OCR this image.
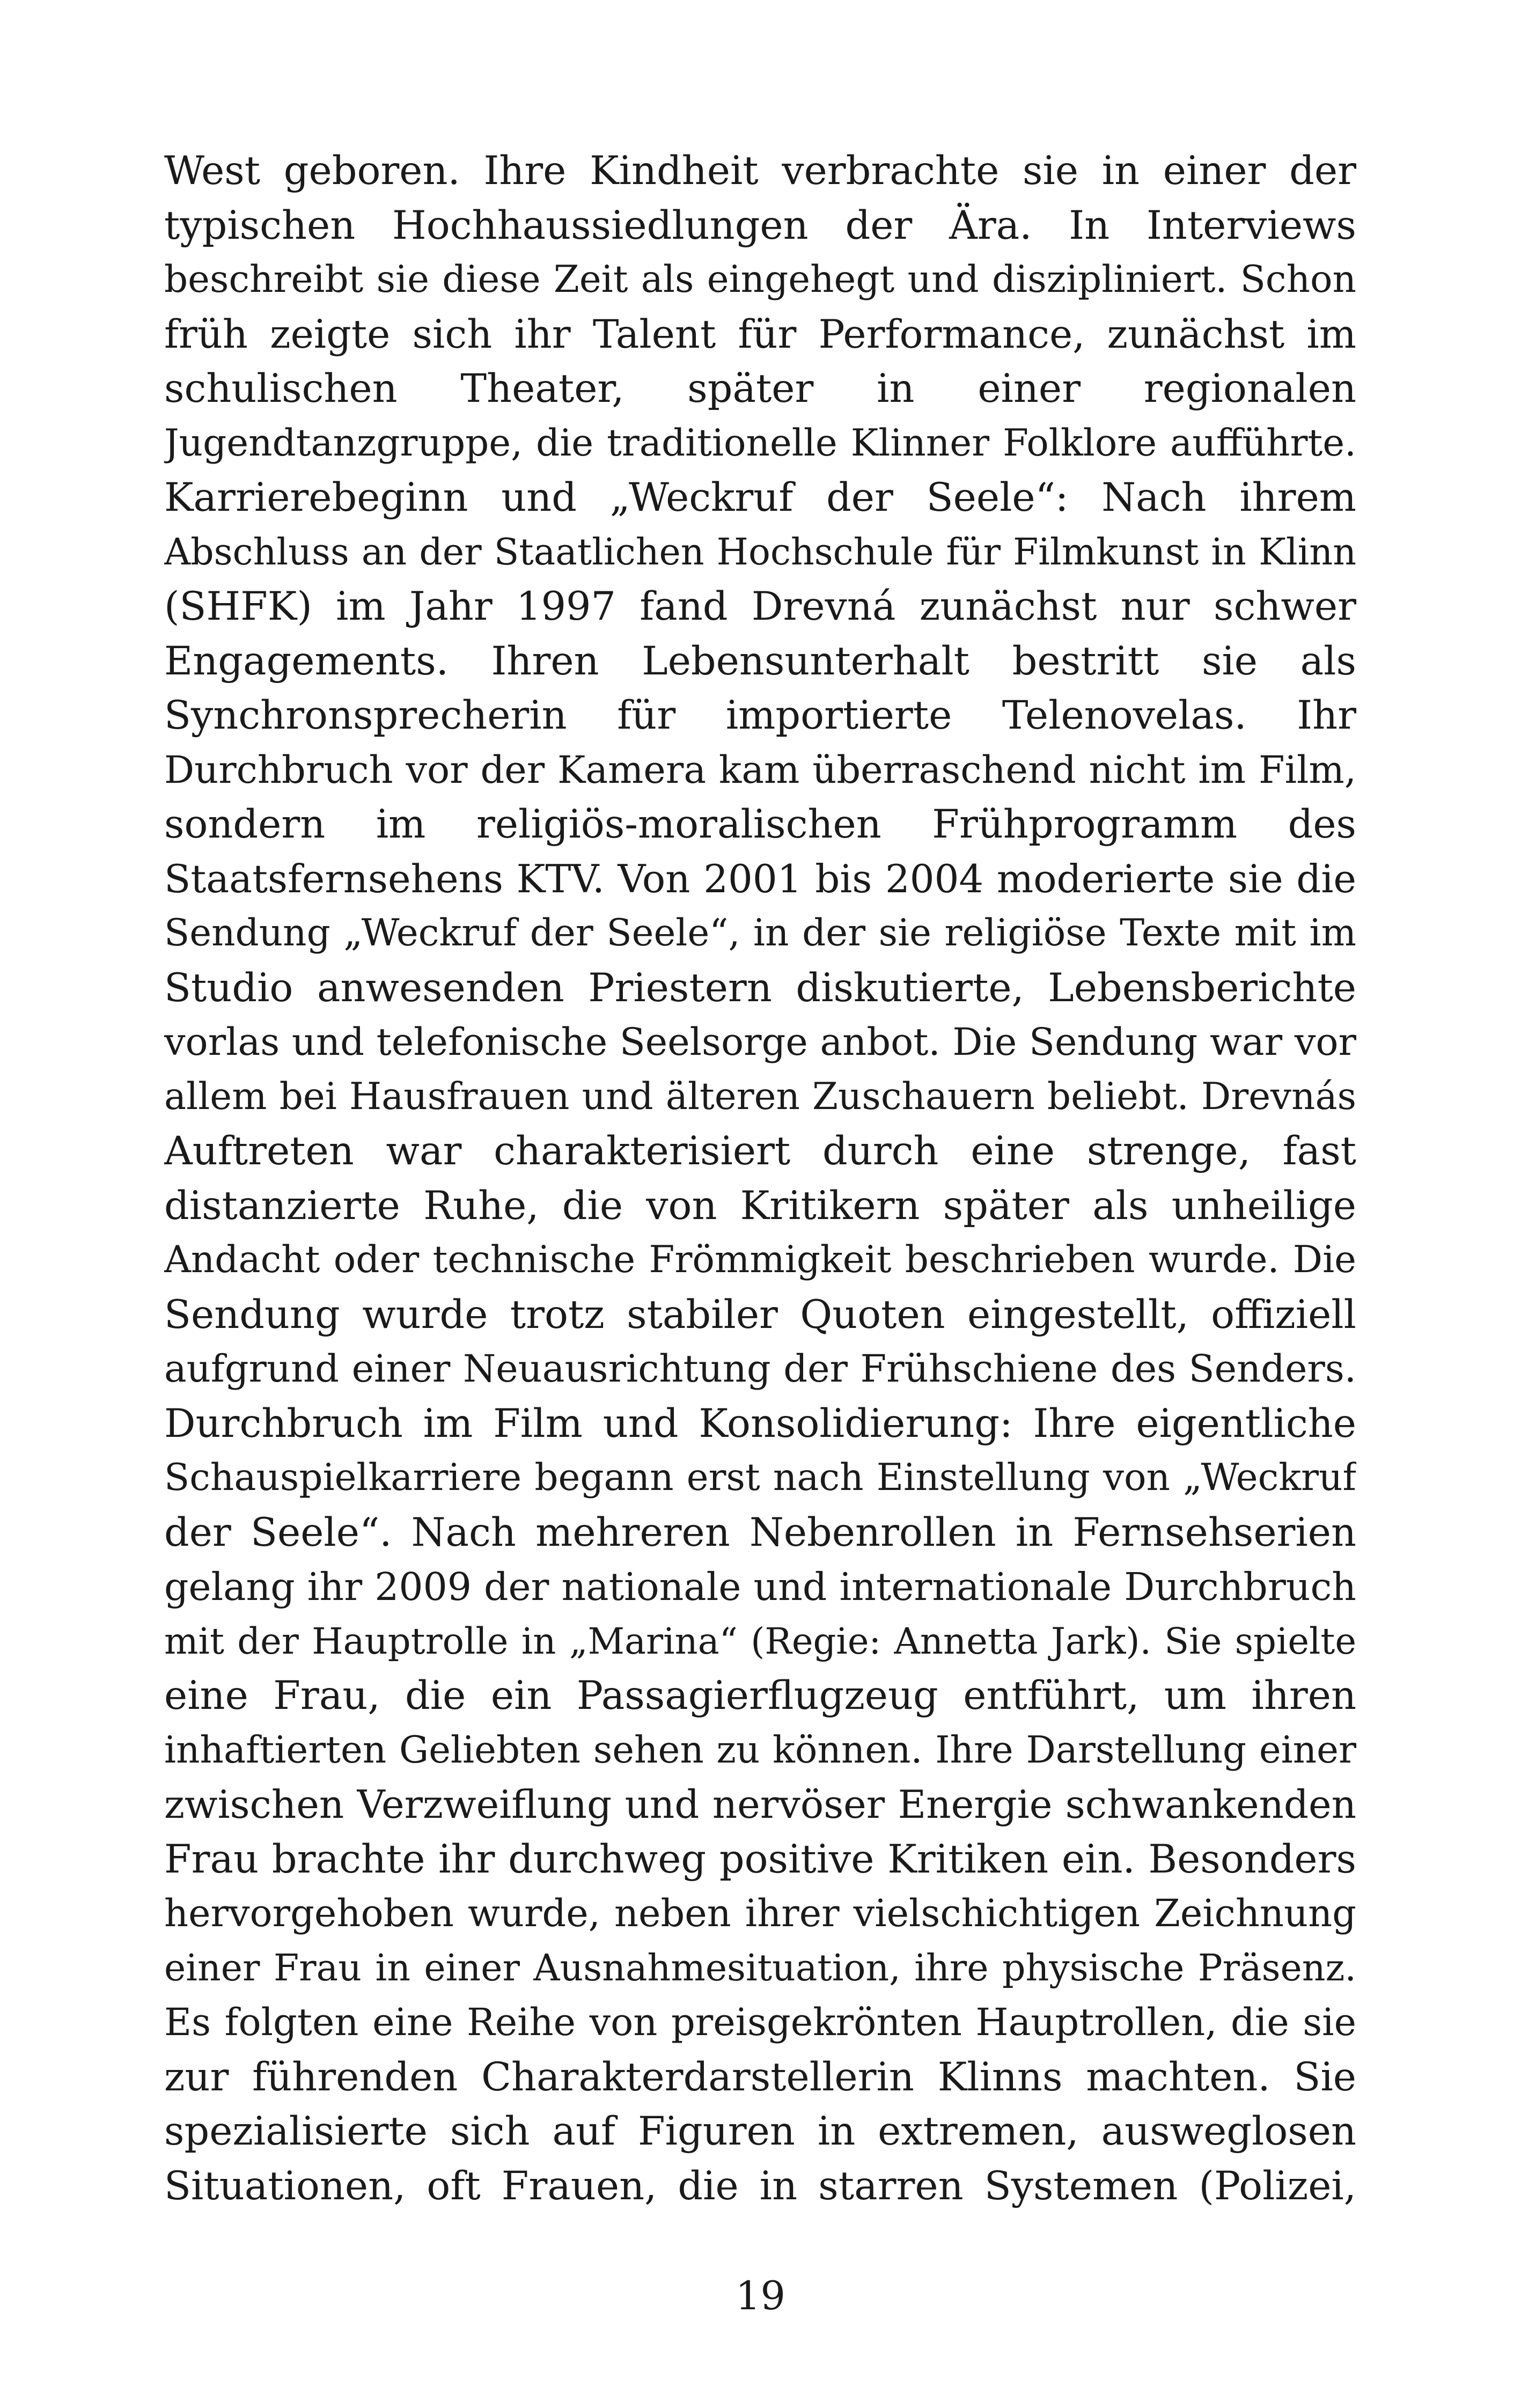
West geboren. Ihre Kindheit verbrachte sie in einer der
typischen Hochhaussiedlungen der Ära. In Interviews
beschreibt sie diese Zeit als eingehegt und diszipliniert. Schon
früh zeigte sich ihr Talent für Performance, zunächst im
schulischen Theater, später in einer regionalen
Jugendtanzgruppe, die traditionelle Klinner Folklore aufführte.
Karrierebeginn und „Weckruf der Seele“: Nach ihrem
Abschluss an der Staatlichen Hochschule für Filmkunst in Klinn
(SHFK) im Jahr 1997 fand Drevná zunächst nur schwer
Engagements. Ihren Lebensunterhalt bestritt sie als
Synchronsprecherin für importierte Telenovelas. Ihr
Durchbruch vor der Kamera kam überraschend nicht im Film,
sondern im religiös-moralischen Frühprogramm des
Staatsfernsehens KTV. Von 2001 bis 2004 moderierte sie die
Sendung „Weckruf der Seele“, in der sie religiöse Texte mit im
Studio anwesenden Priestern diskutierte, Lebensberichte
vorlas und telefonische Seelsorge anbot. Die Sendung war vor
allem bei Hausfrauen und älteren Zuschauern beliebt. Drevnás
Auftreten war charakterisiert durch eine strenge, fast
distanzierte Ruhe, die von Kritikern später als unheilige
Andacht oder technische Frömmigkeit beschrieben wurde. Die
Sendung wurde trotz stabiler Quoten eingestellt, offiziell
aufgrund einer Neuausrichtung der Frühschiene des Senders.
Durchbruch im Film und Konsolidierung: Ihre eigentliche
Schauspielkarriere begann erst nach Einstellung von „Weckruf
der Seele“. Nach mehreren Nebenrollen in Fernsehserien
gelang ihr 2009 der nationale und internationale Durchbruch
mit der Hauptrolle in „Marina“ (Regie: Annetta Jark). Sie spielte
eine Frau, die ein Passagierflugzeug entführt, um ihren
inhaftierten Geliebten sehen zu können. Ihre Darstellung einer
zwischen Verzweiflung und nervöser Energie schwankenden
Frau brachte ihr durchweg positive Kritiken ein. Besonders
hervorgehoben wurde, neben ihrer vielschichtigen Zeichnung
einer Frau in einer Ausnahmesituation, ihre physische Präsenz.
Es folgten eine Reihe von preisgekrönten Hauptrollen, die sie
zur führenden Charakterdarstellerin Klinns machten. Sie
spezialisierte sich auf Figuren in extremen, ausweglosen
Situationen, oft Frauen, die in starren Systemen (Polizei,
19
